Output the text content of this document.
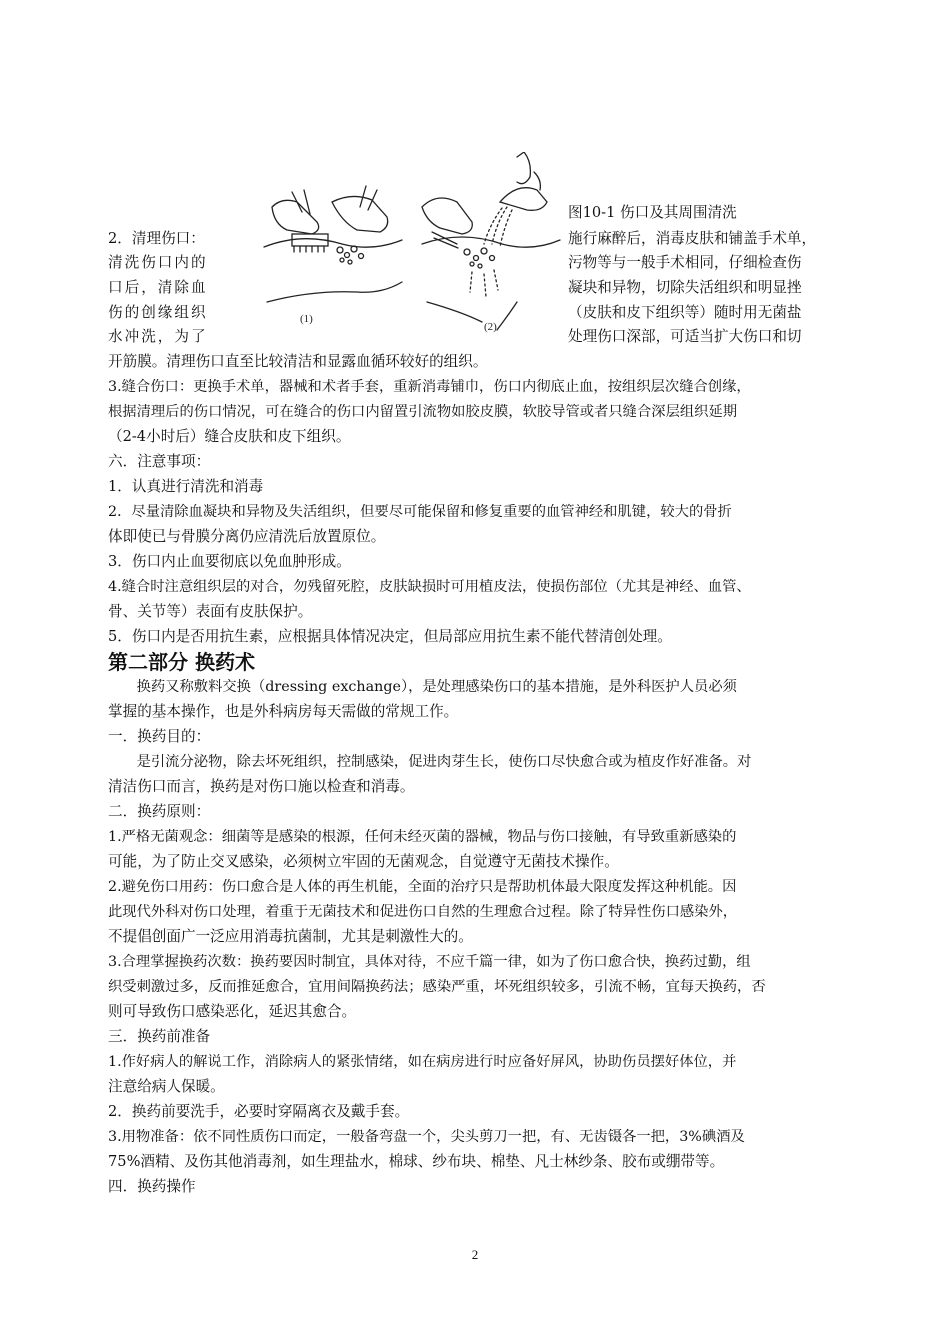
(1)
(2)
图10-1 伤口及其周围清洗
2．清理伤口：
清洗伤口内的
口后，清除血
伤的创缘组织
水冲洗，为了
施行麻醉后，消毒皮肤和铺盖手术单，
污物等与一般手术相同，仔细检查伤
凝块和异物，切除失活组织和明显挫
（皮肤和皮下组织等）随时用无菌盐
处理伤口深部，可适当扩大伤口和切
开筋膜。清理伤口直至比较清洁和显露血循环较好的组织。
3.缝合伤口：更换手术单，器械和术者手套，重新消毒铺巾，伤口内彻底止血，按组织层次缝合创缘，
根据清理后的伤口情况，可在缝合的伤口内留置引流物如胶皮膜，软胶导管或者只缝合深层组织延期
（2-4小时后）缝合皮肤和皮下组织。
六．注意事项：
1．认真进行清洗和消毒
2．尽量清除血凝块和异物及失活组织，但要尽可能保留和修复重要的血管神经和肌键，较大的骨折
体即使已与骨膜分离仍应清洗后放置原位。
3．伤口内止血要彻底以免血肿形成。
4.缝合时注意组织层的对合，勿残留死腔，皮肤缺损时可用植皮法，使损伤部位（尤其是神经、血管、
骨、关节等）表面有皮肤保护。
5．伤口内是否用抗生素，应根据具体情况决定，但局部应用抗生素不能代替清创处理。
第二部分 换药术
　　换药又称敷料交换（dressing exchange），是处理感染伤口的基本措施，是外科医护人员必须
掌握的基本操作，也是外科病房每天需做的常规工作。
一．换药目的：
　　是引流分泌物，除去坏死组织，控制感染，促进肉芽生长，使伤口尽快愈合或为植皮作好准备。对
清洁伤口而言，换药是对伤口施以检查和消毒。
二．换药原则：
1.严格无菌观念：细菌等是感染的根源，任何未经灭菌的器械，物品与伤口接触，有导致重新感染的
可能，为了防止交叉感染，必须树立牢固的无菌观念，自觉遵守无菌技术操作。
2.避免伤口用药：伤口愈合是人体的再生机能，全面的治疗只是帮助机体最大限度发挥这种机能。因
此现代外科对伤口处理，着重于无菌技术和促进伤口自然的生理愈合过程。除了特异性伤口感染外，
不提倡创面广一泛应用消毒抗菌制，尤其是刺激性大的。
3.合理掌握换药次数：换药要因时制宜，具体对待，不应千篇一律，如为了伤口愈合快，换药过勤，组
织受刺激过多，反而推延愈合，宜用间隔换药法；感染严重，坏死组织较多，引流不畅，宜每天换药，否
则可导致伤口感染恶化，延迟其愈合。
三．换药前准备
1.作好病人的解说工作，消除病人的紧张情绪，如在病房进行时应备好屏风，协助伤员摆好体位，并
注意给病人保暖。
2．换药前要洗手，必要时穿隔离衣及戴手套。
3.用物准备：依不同性质伤口而定，一般备弯盘一个，尖头剪刀一把，有、无齿镊各一把，3%碘酒及
75%酒精、及伤其他消毒剂，如生理盐水，棉球、纱布块、棉垫、凡士林纱条、胶布或绷带等。
四．换药操作
2
